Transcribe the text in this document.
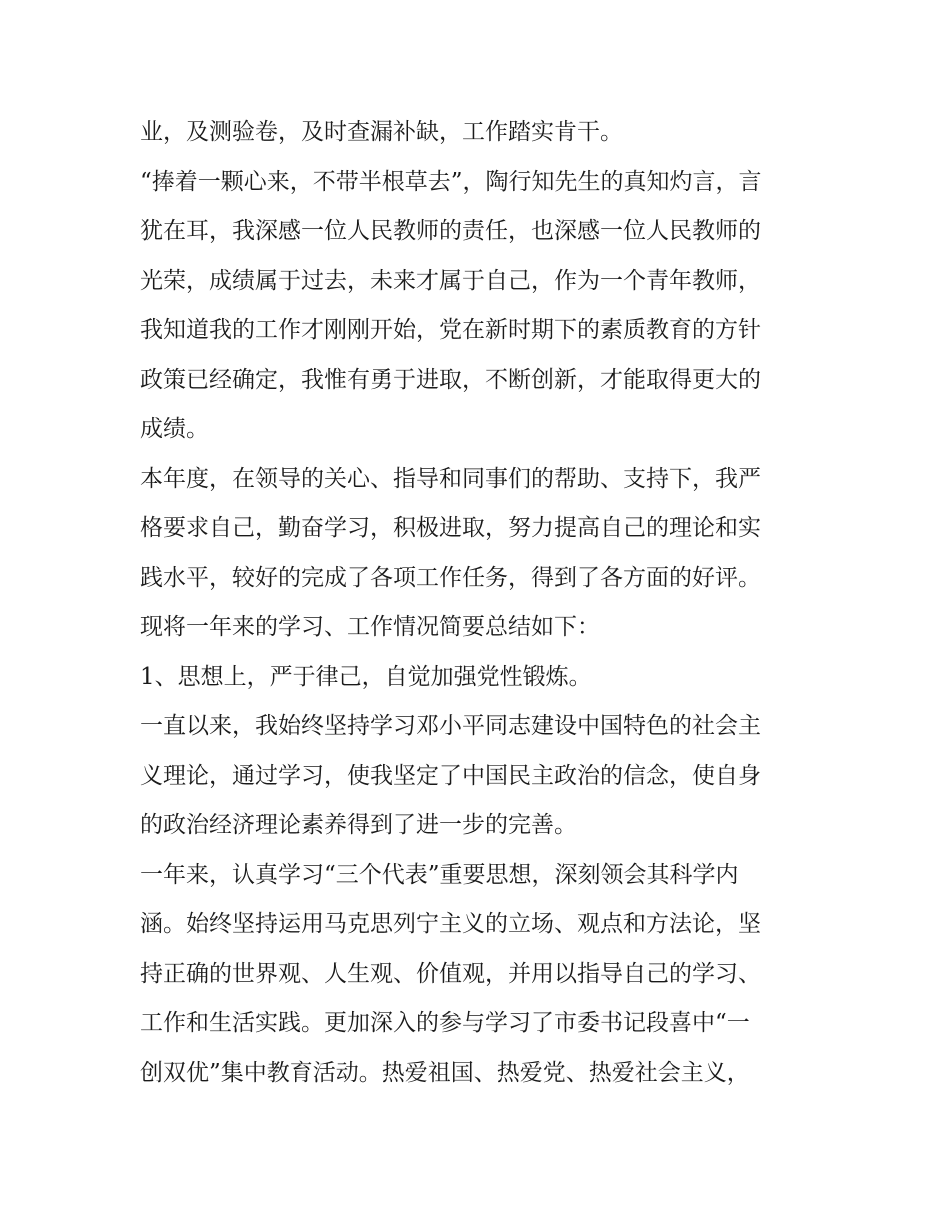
业，及测验卷，及时查漏补缺，工作踏实肯干。
“捧着一颗心来，不带半根草去”，陶行知先生的真知灼言，言
犹在耳，我深感一位人民教师的责任，也深感一位人民教师的
光荣，成绩属于过去，未来才属于自己，作为一个青年教师，
我知道我的工作才刚刚开始，党在新时期下的素质教育的方针
政策已经确定，我惟有勇于进取，不断创新，才能取得更大的
成绩。
本年度，在领导的关心、指导和同事们的帮助、支持下，我严
格要求自己，勤奋学习，积极进取，努力提高自己的理论和实
践水平，较好的完成了各项工作任务，得到了各方面的好评。
现将一年来的学习、工作情况简要总结如下：
1、思想上，严于律己，自觉加强党性锻炼。
一直以来，我始终坚持学习邓小平同志建设中国特色的社会主
义理论，通过学习，使我坚定了中国民主政治的信念，使自身
的政治经济理论素养得到了进一步的完善。
一年来，认真学习“三个代表”重要思想，深刻领会其科学内
涵。始终坚持运用马克思列宁主义的立场、观点和方法论，坚
持正确的世界观、人生观、价值观，并用以指导自己的学习、
工作和生活实践。更加深入的参与学习了市委书记段喜中“一
创双优”集中教育活动。热爱祖国、热爱党、热爱社会主义，
